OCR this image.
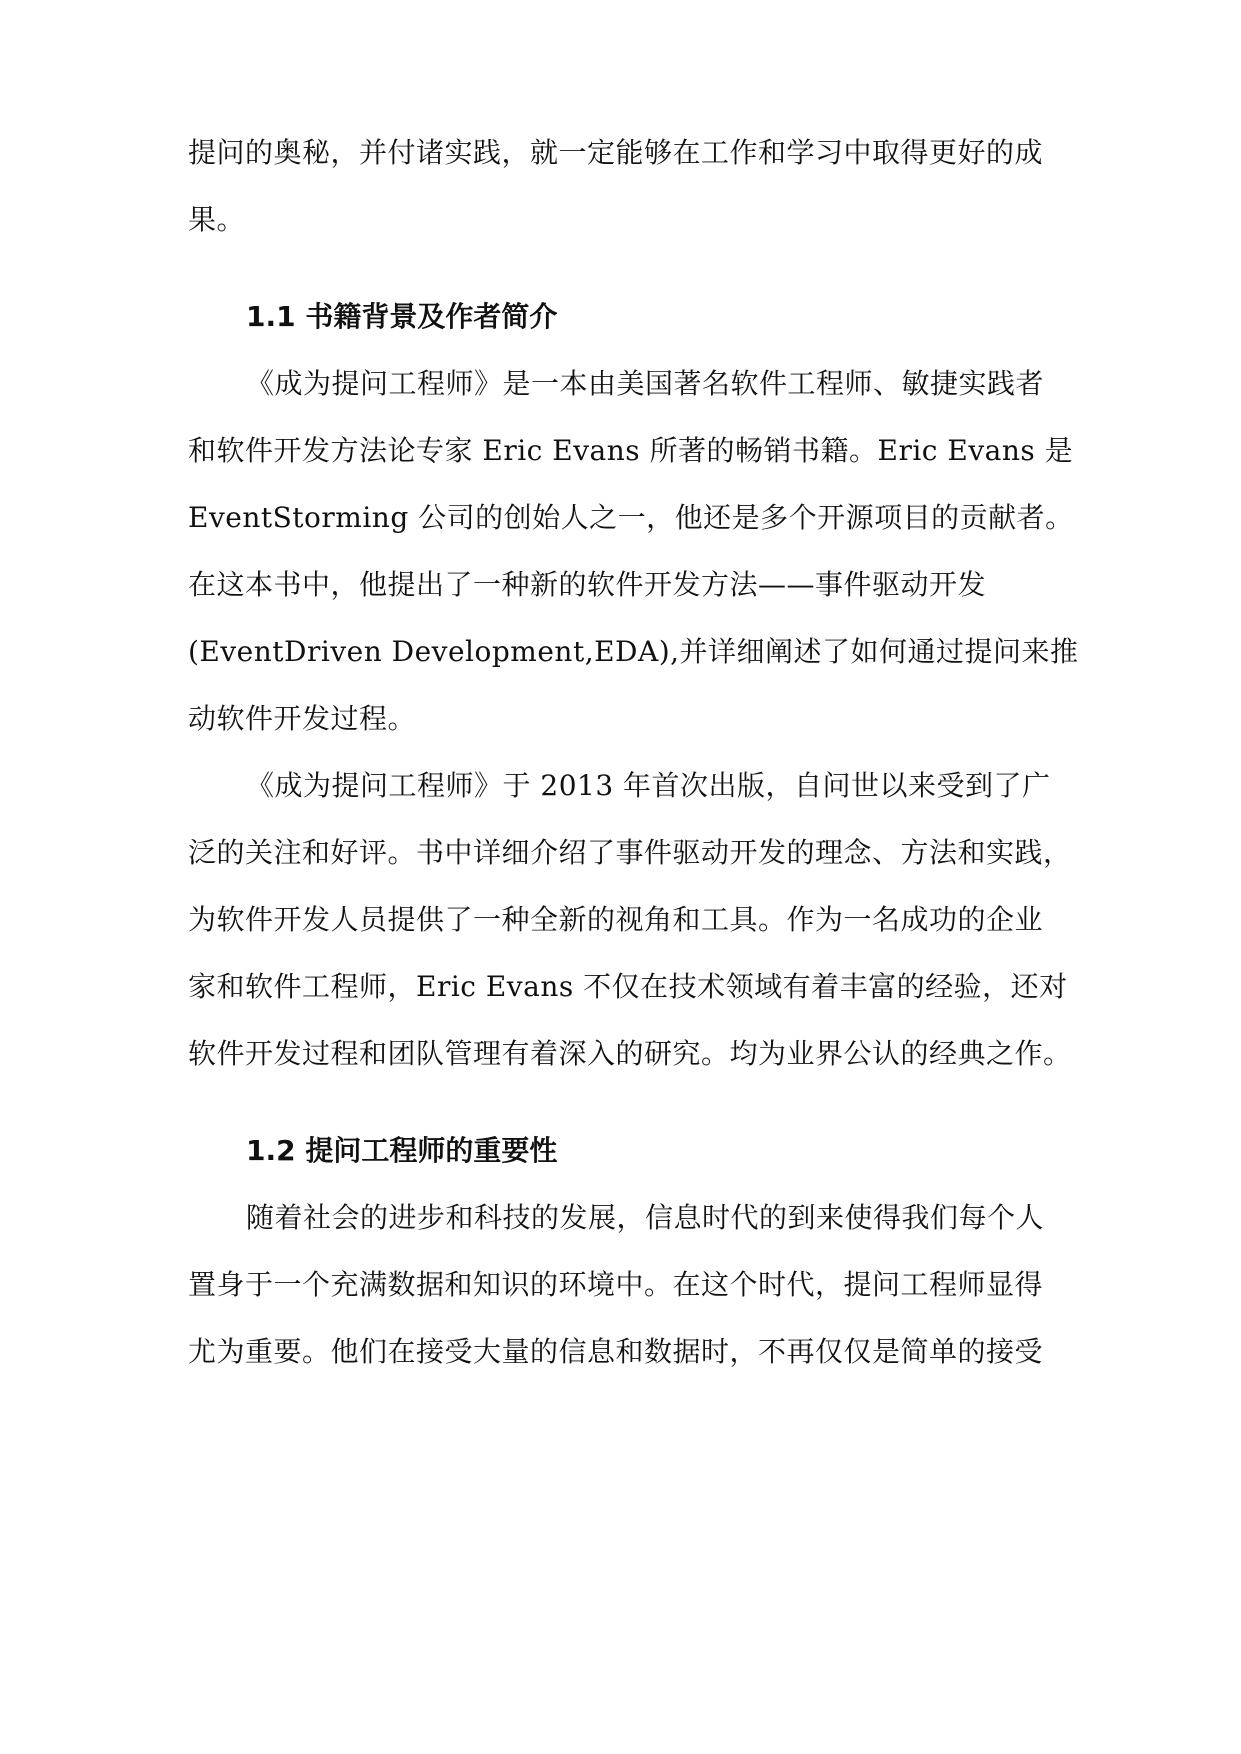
提问的奥秘，并付诸实践，就一定能够在工作和学习中取得更好的成
果。
1.1 书籍背景及作者简介
《成为提问工程师》是一本由美国著名软件工程师、敏捷实践者
和软件开发方法论专家 Eric Evans 所著的畅销书籍。Eric Evans 是
EventStorming 公司的创始人之一，他还是多个开源项目的贡献者。
在这本书中，他提出了一种新的软件开发方法——事件驱动开发
(EventDriven Development,EDA),并详细阐述了如何通过提问来推
动软件开发过程。
《成为提问工程师》于 2013 年首次出版，自问世以来受到了广
泛的关注和好评。书中详细介绍了事件驱动开发的理念、方法和实践，
为软件开发人员提供了一种全新的视角和工具。作为一名成功的企业
家和软件工程师，Eric Evans 不仅在技术领域有着丰富的经验，还对
软件开发过程和团队管理有着深入的研究。均为业界公认的经典之作。
1.2 提问工程师的重要性
随着社会的进步和科技的发展，信息时代的到来使得我们每个人
置身于一个充满数据和知识的环境中。在这个时代，提问工程师显得
尤为重要。他们在接受大量的信息和数据时，不再仅仅是简单的接受
